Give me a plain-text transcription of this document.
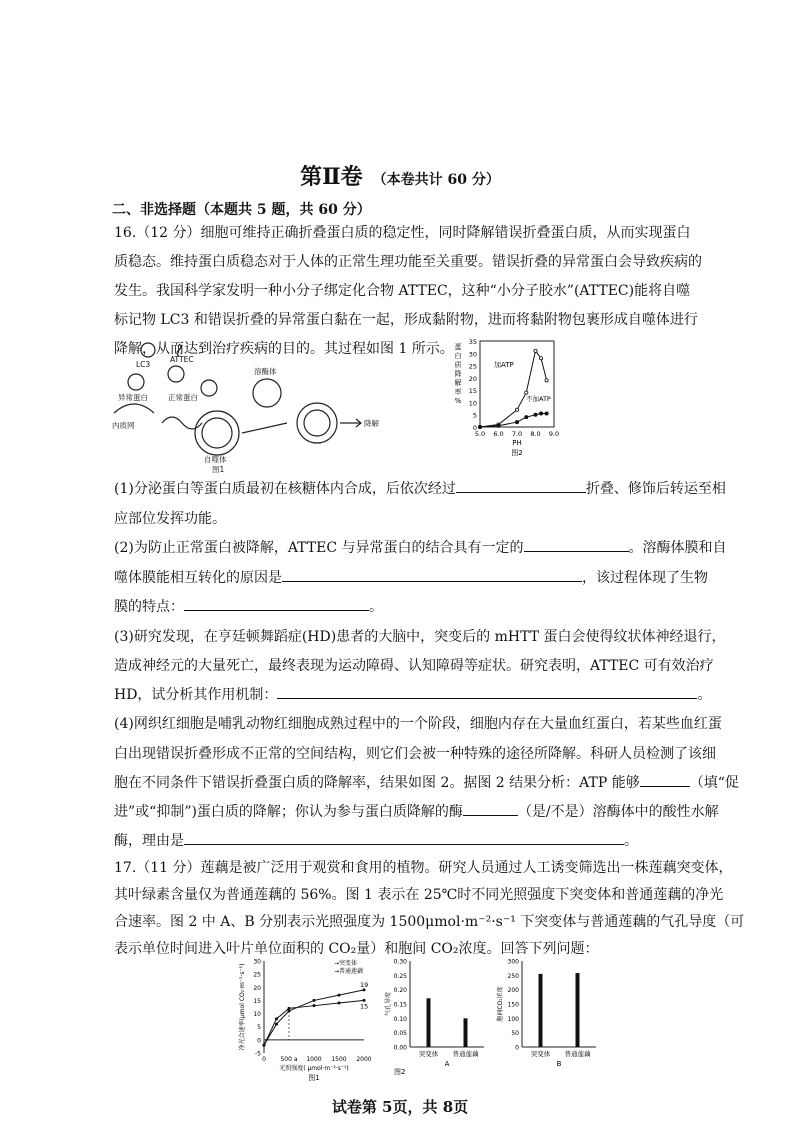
第Ⅱ卷 （本卷共计 60 分）
二、非选择题（本题共 5 题，共 60 分）
16.（12 分）细胞可维持正确折叠蛋白质的稳定性，同时降解错误折叠蛋白质，从而实现蛋白质稳态。维持蛋白质稳态对于人体的正常生理功能至关重要。错误折叠的异常蛋白会导致疾病的发生。我国科学家发明一种小分子绑定化合物 ATTEC，这种“小分子胶水”(ATTEC)能将自噬标记物 LC3 和错误折叠的异常蛋白黏在一起，形成黏附物，进而将黏附物包裹形成自噬体进行降解，从而达到治疗疾病的目的。其过程如图 1 所示。
LC3
ATTEC
异常蛋白	正常蛋白
溶酶体
内质网
自噬体
降解
图1
0
5
10
15
20
25
30
35
5.0 6.0 7.0 8.0 9.0
PH
图2
蛋
白
质
降
解
率
%
加ATP
不加ATP
(1)分泌蛋白等蛋白质最初在核糖体内合成，后依次经过	折叠、修饰后转运至相
应部位发挥功能。
(2)为防止正常蛋白被降解，ATTEC 与异常蛋白的结合具有一定的	。溶酶体膜和自
噬体膜能相互转化的原因是	，该过程体现了生物
膜的特点：	。
(3)研究发现，在亨廷顿舞蹈症(HD)患者的大脑中，突变后的 mHTT 蛋白会使得纹状体神经退行，
造成神经元的大量死亡，最终表现为运动障碍、认知障碍等症状。研究表明，ATTEC 可有效治疗
HD，试分析其作用机制：	。
(4)网织红细胞是哺乳动物红细胞成熟过程中的一个阶段，细胞内存在大量血红蛋白，若某些血红蛋
白出现错误折叠形成不正常的空间结构，则它们会被一种特殊的途径所降解。科研人员检测了该细
胞在不同条件下错误折叠蛋白质的降解率，结果如图 2。据图 2 结果分析：ATP 能够	（填“促
进”或“抑制”)蛋白质的降解；你认为参与蛋白质降解的酶	（是/不是）溶酶体中的酸性水解
酶，理由是	。
17.（11 分）莲藕是被广泛用于观赏和食用的植物。研究人员通过人工诱变筛选出一株莲藕突变体，
其叶绿素含量仅为普通莲藕的 56%。图 1 表示在 25℃时不同光照强度下突变体和普通莲藕的净光
合速率。图 2 中 A、B 分别表示光照强度为 1500μmol·m⁻²·s⁻¹ 下突变体与普通莲藕的气孔导度（可
表示单位时间进入叶片单位面积的 CO₂量）和胞间 CO₂浓度。回答下列问题：
-5
0
5
10
15
20
25
30
0 500 a 1000 1500 2000
光照强度( μmol·m⁻²·s⁻¹)
图1
净光合速率(μmol CO₂·m⁻²·s⁻¹)	19
15
→突变体
→普通莲藕
0.00
0.05
0.10
0.15
0.20
0.25
0.30
突变体 普通莲藕
A
图2
气孔导度
0
50
100
150
200
250
300
突变体 普通莲藕
B
胞间CO₂浓度
试卷第 5页，共 8页
